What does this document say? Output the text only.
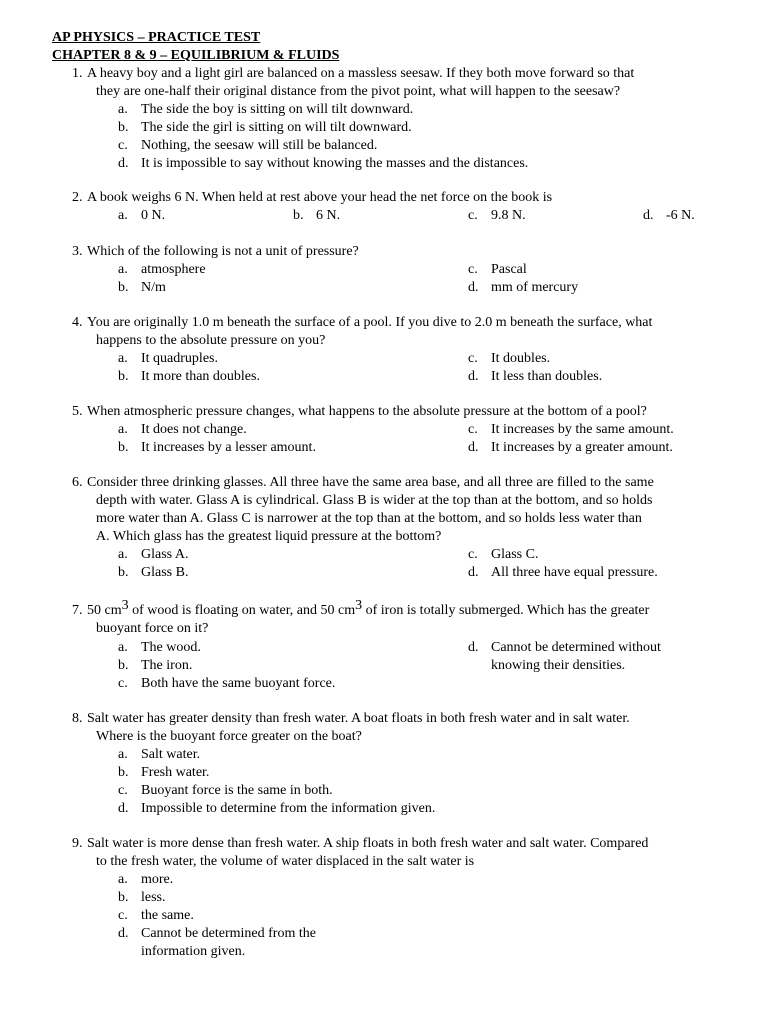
AP PHYSICS – PRACTICE TEST
CHAPTER 8 & 9 – EQUILIBRIUM & FLUIDS
1. A heavy boy and a light girl are balanced on a massless seesaw. If they both move forward so that
they are one-half their original distance from the pivot point, what will happen to the seesaw?
a. The side the boy is sitting on will tilt downward.
b. The side the girl is sitting on will tilt downward.
c. Nothing, the seesaw will still be balanced.
d. It is impossible to say without knowing the masses and the distances.
2. A book weighs 6 N. When held at rest above your head the net force on the book is
a. 0 N.	b. 6 N.	c. 9.8 N.	d. -6 N.
3. Which of the following is not a unit of pressure?
a. atmosphere
b. N/m
c. Pascal
d. mm of mercury
4. You are originally 1.0 m beneath the surface of a pool. If you dive to 2.0 m beneath the surface, what
happens to the absolute pressure on you?
a. It quadruples.
b. It more than doubles.
c. It doubles.
d. It less than doubles.
5. When atmospheric pressure changes, what happens to the absolute pressure at the bottom of a pool?
a. It does not change.
b. It increases by a lesser amount.
c. It increases by the same amount.
d. It increases by a greater amount.
6. Consider three drinking glasses. All three have the same area base, and all three are filled to the same
depth with water. Glass A is cylindrical. Glass B is wider at the top than at the bottom, and so holds
more water than A. Glass C is narrower at the top than at the bottom, and so holds less water than
A. Which glass has the greatest liquid pressure at the bottom?
a. Glass A.
b. Glass B.
c. Glass C.
d. All three have equal pressure.
7. 50 $cm^3$ of wood is floating on water, and 50 $cm^3$ of iron is totally submerged. Which has the greater
buoyant force on it?
a. The wood.
b. The iron.
c. Both have the same buoyant force.
d. Cannot be determined without
knowing their densities.
8. Salt water has greater density than fresh water. A boat floats in both fresh water and in salt water.
Where is the buoyant force greater on the boat?
a. Salt water.
b. Fresh water.
c. Buoyant force is the same in both.
d. Impossible to determine from the information given.
9. Salt water is more dense than fresh water. A ship floats in both fresh water and salt water. Compared
to the fresh water, the volume of water displaced in the salt water is
a. more.
b. less.
c. the same.
d. Cannot be determined from the
information given.
